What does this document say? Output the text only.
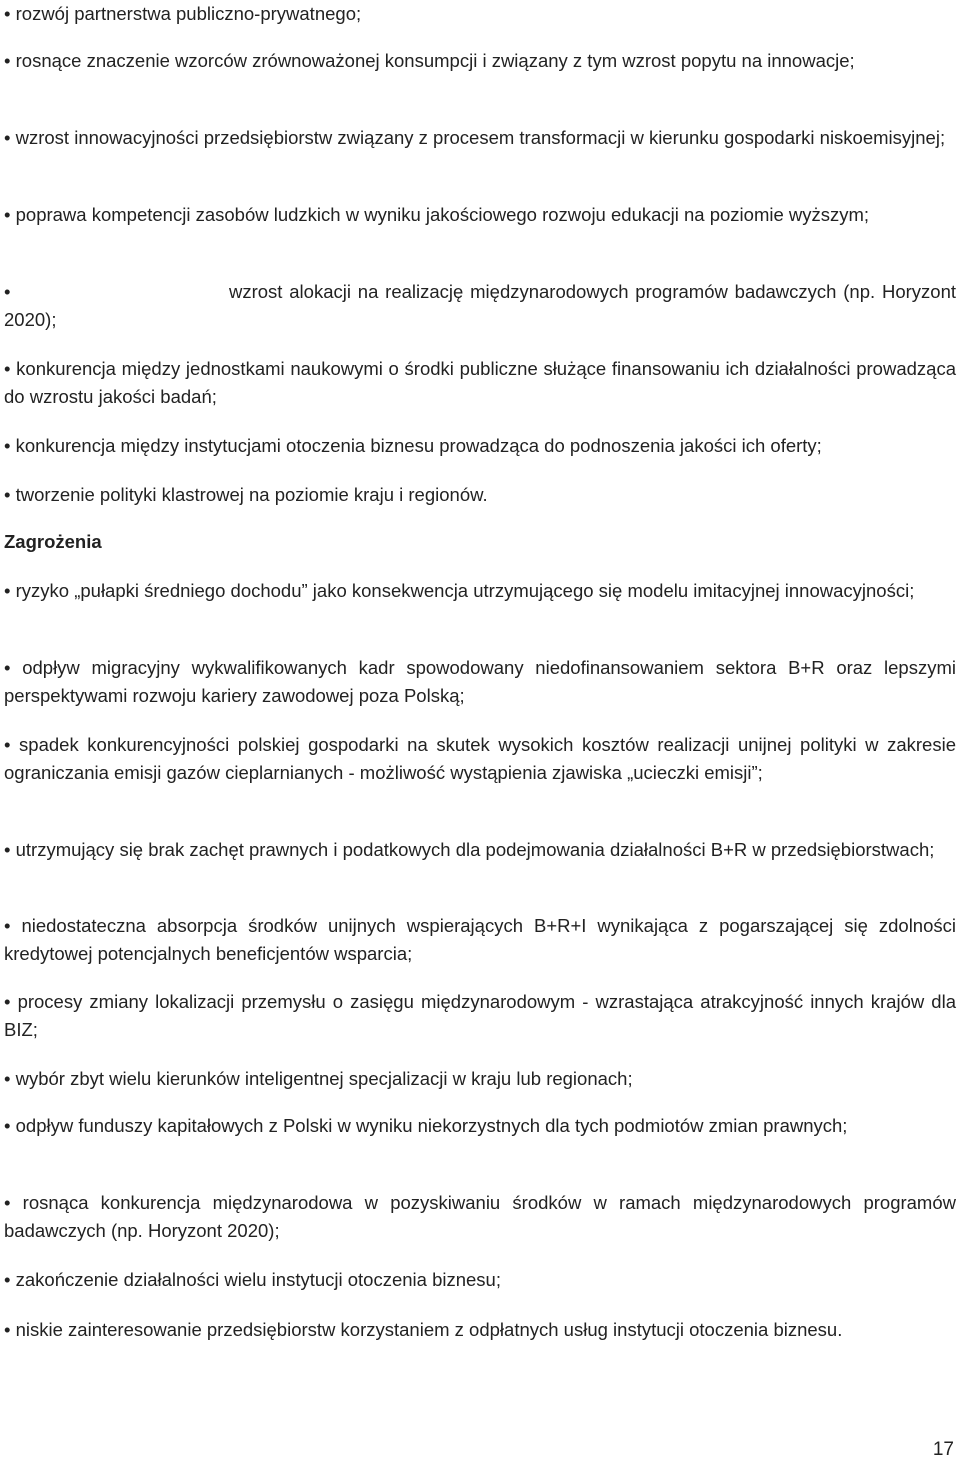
• rozwój partnerstwa publiczno-prywatnego;

• rosnące znaczenie wzorców zrównoważonej konsumpcji i związany z tym wzrost popytu na innowacje;

• wzrost innowacyjności przedsiębiorstw związany z procesem transformacji w kierunku gospodarki niskoemisyjnej;

• poprawa kompetencji zasobów ludzkich w wyniku jakościowego rozwoju edukacji na poziomie wyższym;

•	wzrost alokacji na realizację międzynarodowych programów badawczych (np. Horyzont 2020);

• konkurencja między jednostkami naukowymi o środki publiczne służące finansowaniu ich działalności prowadząca do wzrostu jakości badań;

• konkurencja między instytucjami otoczenia biznesu prowadząca do podnoszenia jakości ich oferty;

• tworzenie polityki klastrowej na poziomie kraju i regionów.

Zagrożenia

• ryzyko „pułapki średniego dochodu” jako konsekwencja utrzymującego się modelu imitacyjnej innowacyjności;

• odpływ migracyjny wykwalifikowanych kadr spowodowany niedofinansowaniem sektora B+R oraz lepszymi perspektywami rozwoju kariery zawodowej poza Polską;

• spadek konkurencyjności polskiej gospodarki na skutek wysokich kosztów realizacji unijnej polityki w zakresie ograniczania emisji gazów cieplarnianych - możliwość wystąpienia zjawiska „ucieczki emisji”;

• utrzymujący się brak zachęt prawnych i podatkowych dla podejmowania działalności B+R w przedsiębiorstwach;

• niedostateczna absorpcja środków unijnych wspierających B+R+I wynikająca z pogarszającej się zdolności kredytowej potencjalnych beneficjentów wsparcia;

• procesy zmiany lokalizacji przemysłu o zasięgu międzynarodowym - wzrastająca atrakcyjność innych krajów dla BIZ;

• wybór zbyt wielu kierunków inteligentnej specjalizacji w kraju lub regionach;

• odpływ funduszy kapitałowych z Polski w wyniku niekorzystnych dla tych podmiotów zmian prawnych;

• rosnąca konkurencja międzynarodowa w pozyskiwaniu środków w ramach międzynarodowych programów badawczych (np. Horyzont 2020);

• zakończenie działalności wielu instytucji otoczenia biznesu;

• niskie zainteresowanie przedsiębiorstw korzystaniem z odpłatnych usług instytucji otoczenia biznesu.

17
